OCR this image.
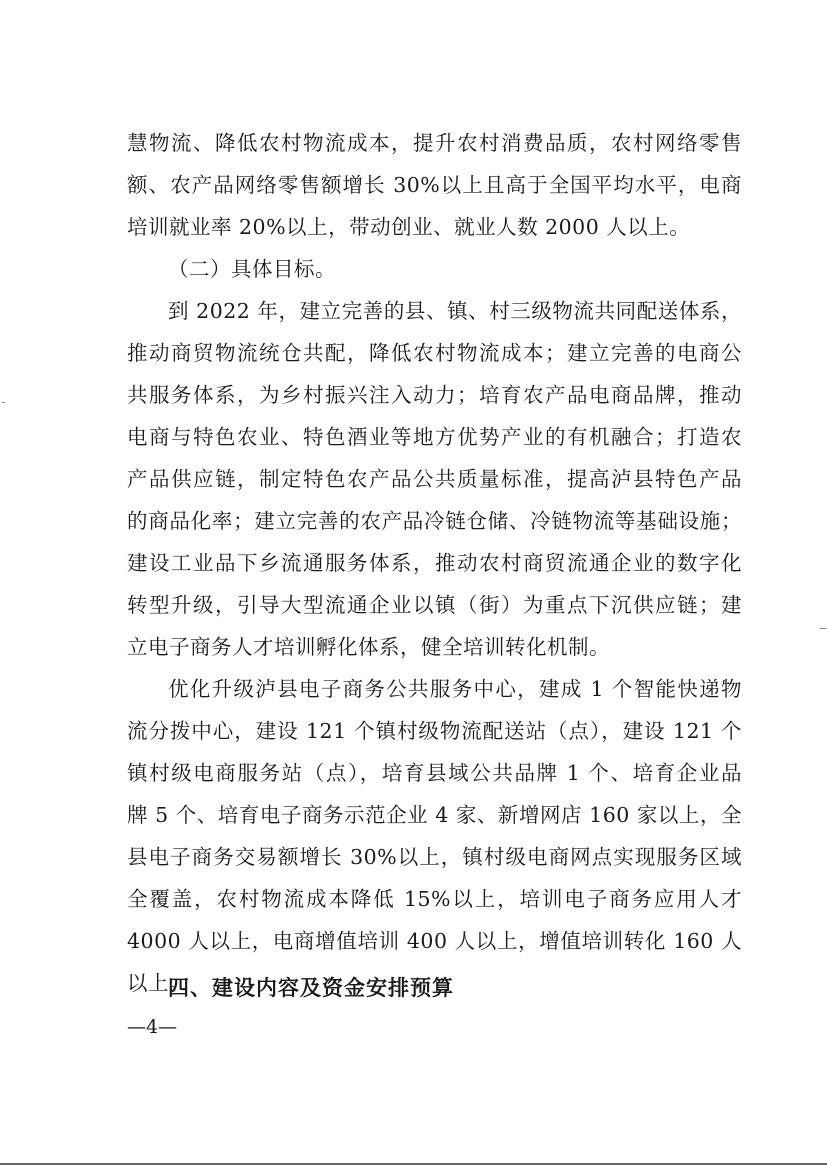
慧物流、降低农村物流成本，提升农村消费品质，农村网络零售
额、农产品网络零售额增长 30%以上且高于全国平均水平，电商
培训就业率 20%以上，带动创业、就业人数 2000 人以上。
（二）具体目标。
到 2022 年，建立完善的县、镇、村三级物流共同配送体系，
推动商贸物流统仓共配，降低农村物流成本；建立完善的电商公
共服务体系，为乡村振兴注入动力；培育农产品电商品牌，推动
电商与特色农业、特色酒业等地方优势产业的有机融合；打造农
产品供应链，制定特色农产品公共质量标准，提高泸县特色产品
的商品化率；建立完善的农产品冷链仓储、冷链物流等基础设施；
建设工业品下乡流通服务体系，推动农村商贸流通企业的数字化
转型升级，引导大型流通企业以镇（街）为重点下沉供应链；建
立电子商务人才培训孵化体系，健全培训转化机制。
优化升级泸县电子商务公共服务中心，建成 1 个智能快递物
流分拨中心，建设 121 个镇村级物流配送站（点），建设 121 个
镇村级电商服务站（点），培育县域公共品牌 1 个、培育企业品
牌 5 个、培育电子商务示范企业 4 家、新增网店 160 家以上，全
县电子商务交易额增长 30%以上，镇村级电商网点实现服务区域
全覆盖，农村物流成本降低 15%以上，培训电子商务应用人才
4000 人以上，电商增值培训 400 人以上，增值培训转化 160 人
以上。
四、建设内容及资金安排预算
—4—
